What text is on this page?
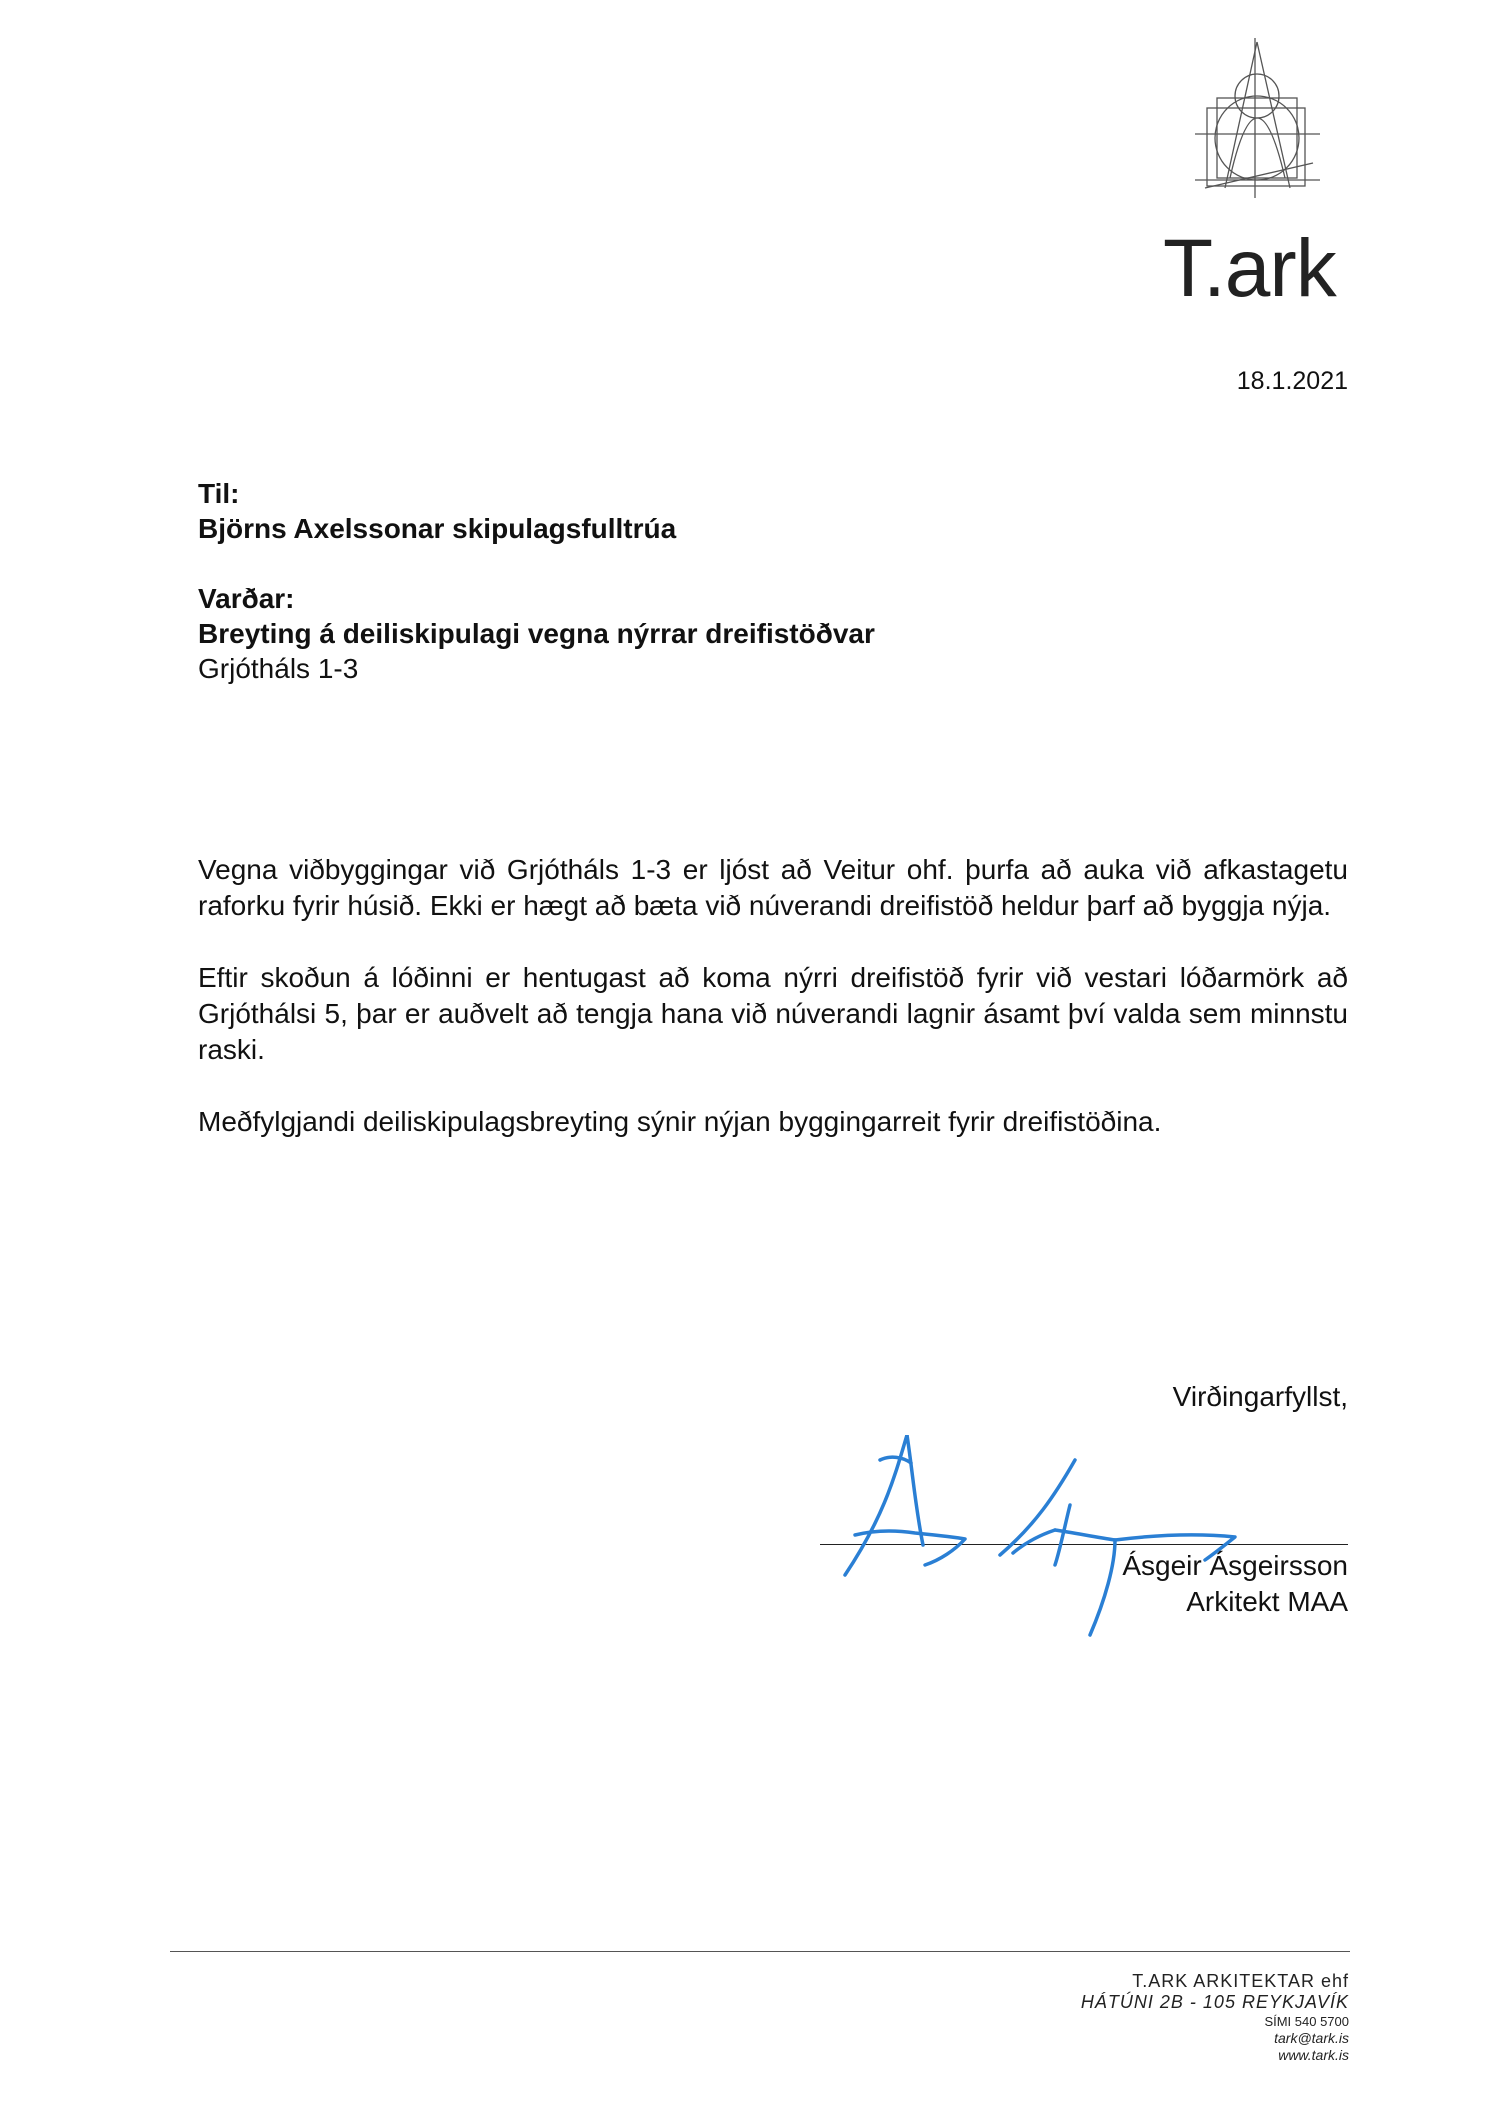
T.ark
18.1.2021
Til:
Björns Axelssonar skipulagsfulltrúa
Varðar:
Breyting á deiliskipulagi vegna nýrrar dreifistöðvar
Grjótháls 1-3

Vegna viðbyggingar við Grjótháls 1-3 er ljóst að Veitur ohf. þurfa að auka við afkastagetu raforku fyrir húsið. Ekki er hægt að bæta við núverandi dreifistöð heldur þarf að byggja nýja.

Eftir skoðun á lóðinni er hentugast að koma nýrri dreifistöð fyrir við vestari lóðarmörk að Grjóthálsi 5, þar er auðvelt að tengja hana við núverandi lagnir ásamt því valda sem minnstu raski.

Meðfylgjandi deiliskipulagsbreyting sýnir nýjan byggingarreit fyrir dreifistöðina.

Virðingarfyllst,
Ásgeir Ásgeirsson
Arkitekt MAA
T.ARK ARKITEKTAR ehf
HÁTÚNI 2B - 105 REYKJAVÍK
SÍMI 540 5700
tark@tark.is
www.tark.is
